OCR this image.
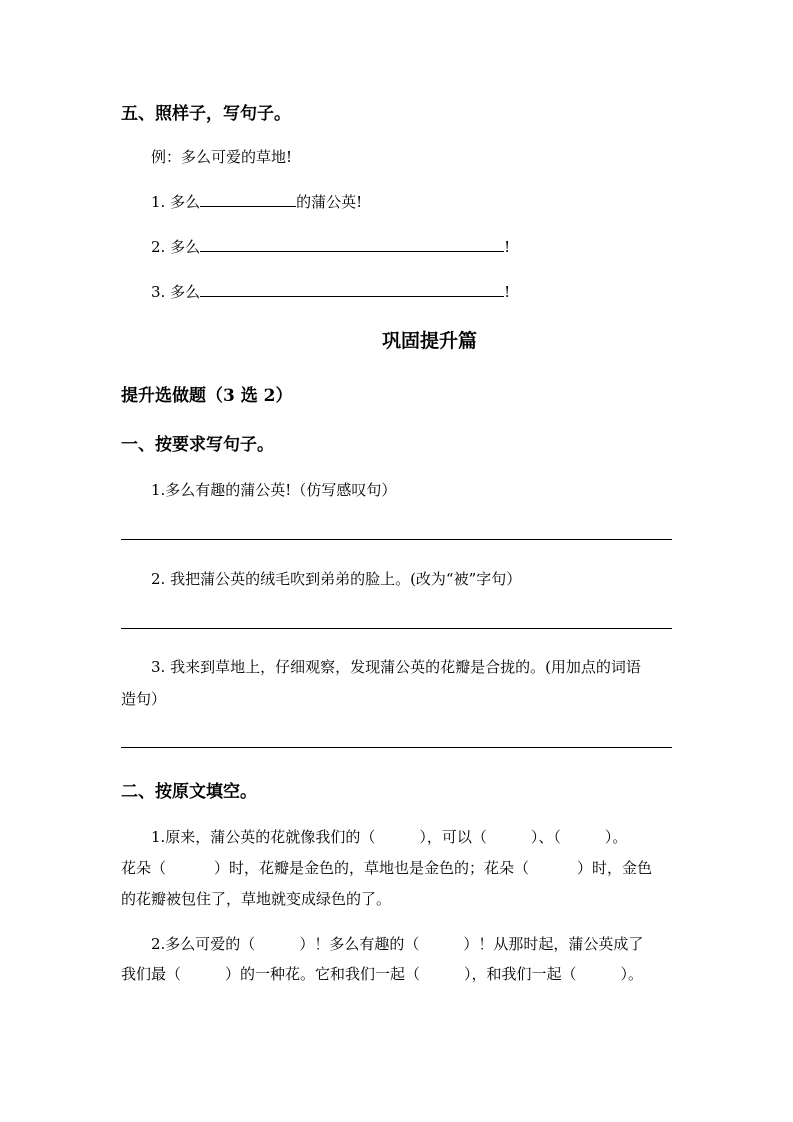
五、照样子，写句子。
例：多么可爱的草地!
1. 多么	的蒲公英!
2. 多么	!
3. 多么	!
巩固提升篇
提升选做题（3 选 2）
一、按要求写句子。
1.多么有趣的蒲公英!（仿写感叹句）
2. 我把蒲公英的绒毛吹到弟弟的脸上。(改为“被”字句）
3. 我来到草地上，仔细观察，发现蒲公英的花瓣是合拢的。(用加点的词语
造句）
二、按原文填空。
1.原来，蒲公英的花就像我们的（	），可以（	）、（	）。
花朵（	）时，花瓣是金色的，草地也是金色的；花朵（	）时，金色
的花瓣被包住了，草地就变成绿色的了。
2.多么可爱的（	）！多么有趣的（	）！从那时起，蒲公英成了
我们最（	）的一种花。它和我们一起（	），和我们一起（	）。
